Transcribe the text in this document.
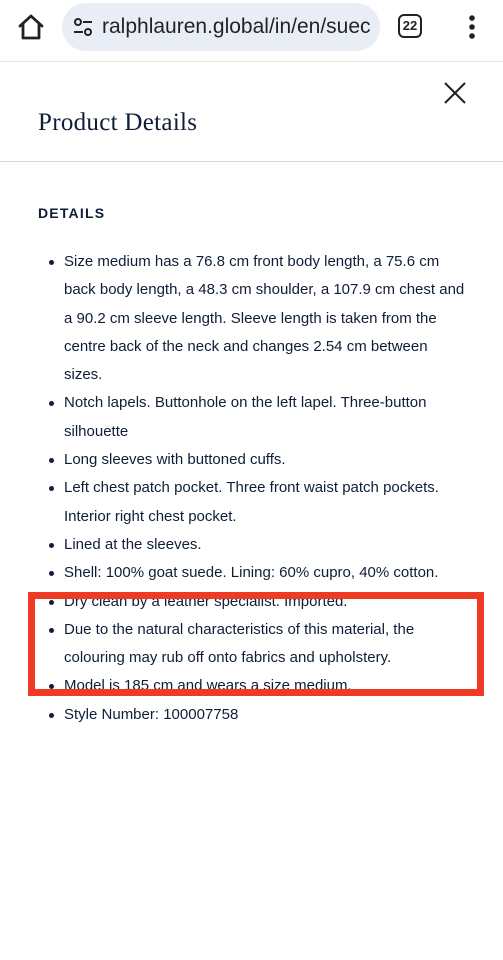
ralphlauren.global/in/en/suec	22
Product Details
DETAILS
Size medium has a 76.8 cm front body length, a 75.6 cm back body length, a 48.3 cm shoulder, a 107.9 cm chest and a 90.2 cm sleeve length. Sleeve length is taken from the centre back of the neck and changes 2.54 cm between sizes.
Notch lapels. Buttonhole on the left lapel. Three-button silhouette
Long sleeves with buttoned cuffs.
Left chest patch pocket. Three front waist patch pockets. Interior right chest pocket.
Lined at the sleeves.
Shell: 100% goat suede. Lining: 60% cupro, 40% cotton.
Dry clean by a leather specialist. Imported.
Due to the natural characteristics of this material, the colouring may rub off onto fabrics and upholstery.
Model is 185 cm and wears a size medium.
Style Number: 100007758
